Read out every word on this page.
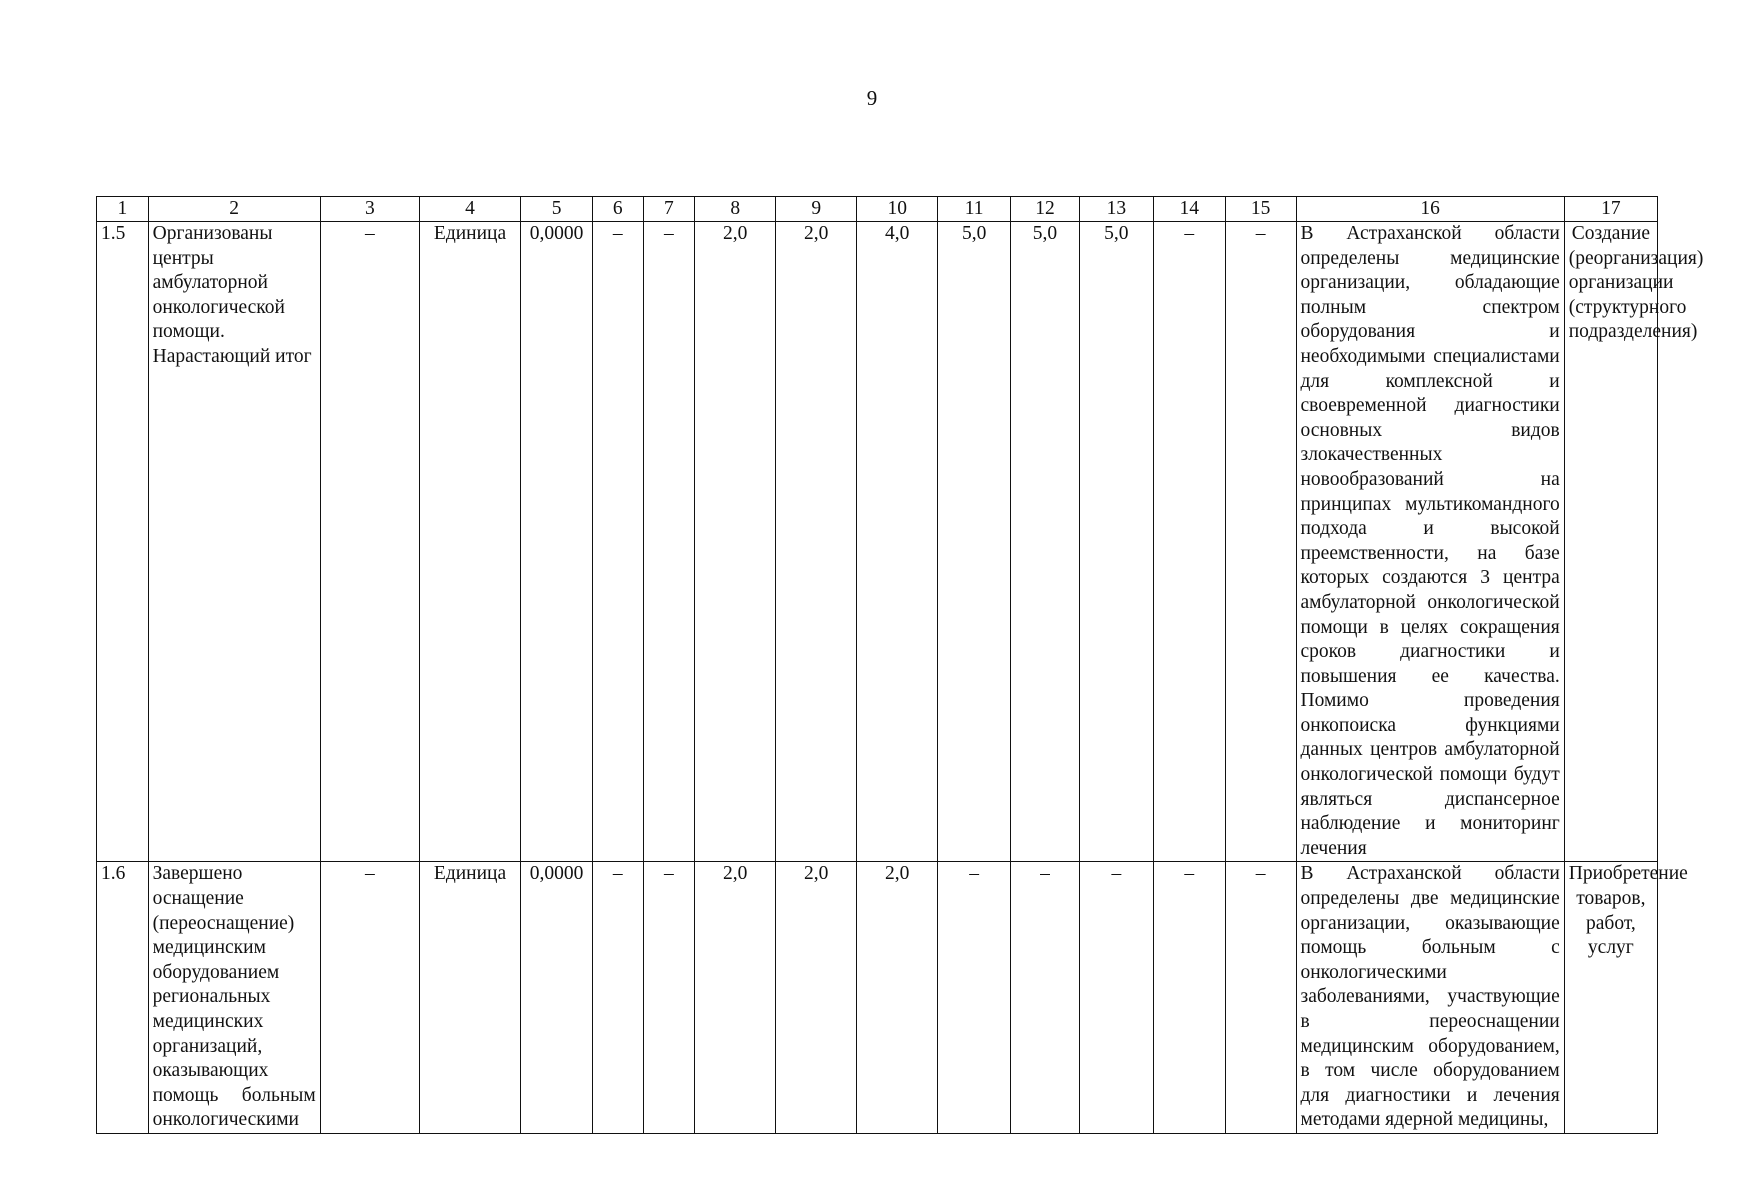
9
1	2	3	4	5	6	7	8	9	10	11	12	13	14	15	16	17
1.5	Организованы центры амбулаторной онкологической помощи. Нарастающий итог	–	Единица	0,0000	–	–	2,0	2,0	4,0	5,0	5,0	5,0	–	–	В Астраханской области определены медицинские организации, обладающие полным спектром оборудования и необходимыми специалистами для комплексной и своевременной диагностики основных видов злокачественных новообразований на принципах мультикомандного подхода и высокой преемственности, на базе которых создаются 3 центра амбулаторной онкологической помощи в целях сокращения сроков диагностики и повышения ее качества. Помимо проведения онкопоиска функциями данных центров амбулаторной онкологической помощи будут являться диспансерное наблюдение и мониторинг лечения	Создание (реорганизация) организации (структурного подразделения)
1.6	Завершено оснащение (переоснащение) медицинским оборудованием региональных медицинских организаций, оказывающих помощь больным онкологическими	–	Единица	0,0000	–	–	2,0	2,0	2,0	–	–	–	–	–	В Астраханской области определены две медицинские организации, оказывающие помощь больным с онкологическими заболеваниями, участвующие в переоснащении медицинским оборудованием, в том числе оборудованием для диагностики и лечения методами ядерной медицины,	Приобретение товаров, работ, услуг
